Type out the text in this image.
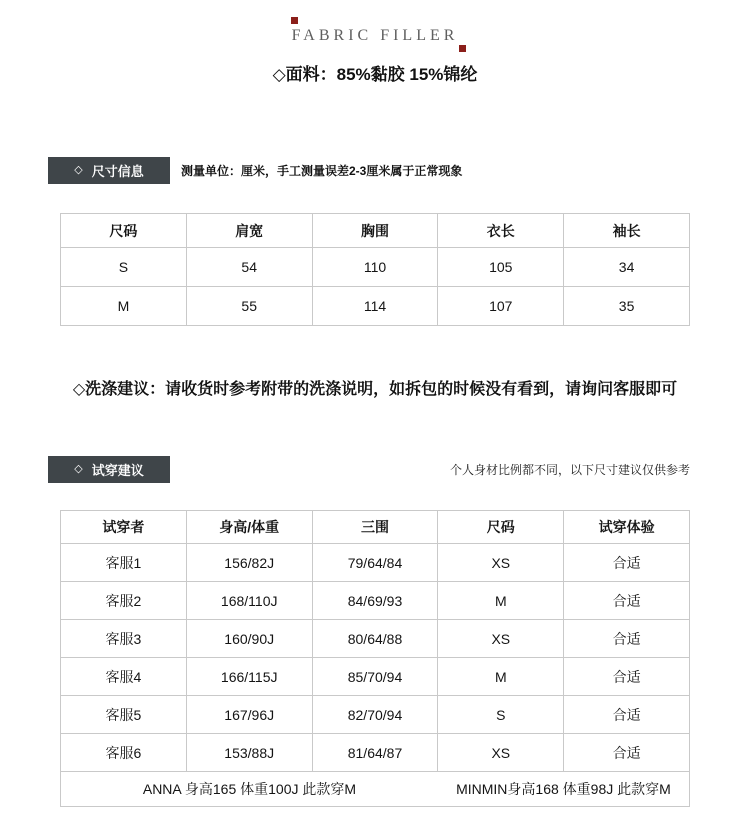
FABRIC FILLER
◇面料：85%黏胶 15%锦纶
◇ 尺寸信息	测量单位：厘米，手工测量误差2-3厘米属于正常现象
尺码	肩宽	胸围	衣长	袖长
S	54	110	105	34
M	55	114	107	35
◇洗涤建议：请收货时参考附带的洗涤说明，如拆包的时候没有看到，请询问客服即可
◇ 试穿建议	个人身材比例都不同，以下尺寸建议仅供参考
试穿者	身高/体重	三围	尺码	试穿体验
客服1	156/82J	79/64/84	XS	合适
客服2	168/110J	84/69/93	M	合适
客服3	160/90J	80/64/88	XS	合适
客服4	166/115J	85/70/94	M	合适
客服5	167/96J	82/70/94	S	合适
客服6	153/88J	81/64/87	XS	合适
ANNA 身高165 体重100J 此款穿M			MINMIN身高168 体重98J 此款穿M	
